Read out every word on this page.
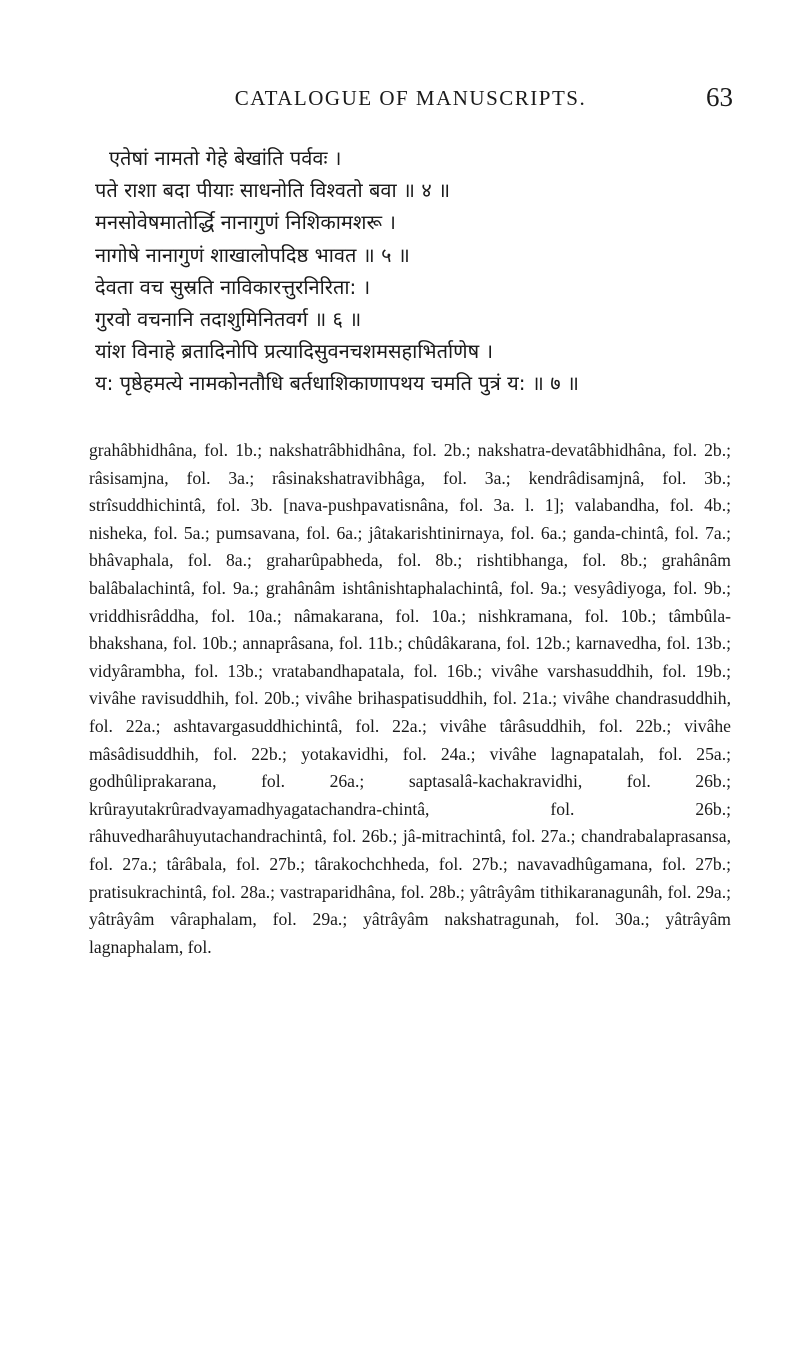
CATALOGUE OF MANUSCRIPTS.	63
एतेषां नामतो गेहे बेखांति पर्ववः ।
पते राशा बदा पीयाः साधनोति विश्वतो बवा ॥ ४ ॥
मनसोवेषमातोर्द्धि नानागुणं निशिकामशरू ।
नागोषे नानागुणं शाखालोपदिष्ठ भावत ॥ ५ ॥
देवता वच सुस्रति नाविकारत्तुरनिरिता: ।
गुरवो वचनानि तदाशुमिनितवर्ग ॥ ६ ॥
यांश विनाहे ब्रतादिनोपि प्रत्यादिसुवनचशमसहाभिर्ताणेष ।
य: पृष्ठेहमत्ये नामकोनतौधि बर्तधाशिकाणापथय चमति पुत्रं य: ॥ ७ ॥

grahâbhidhâna, fol. 1b.; nakshatrâbhidhâna, fol. 2b.; nakshatra-devatâbhidhâna, fol. 2b.; râsisamjna, fol. 3a.; râsinakshatravibhâga, fol. 3a.; kendrâdisamjnâ, fol. 3b.; strîsuddhichintâ, fol. 3b. [nava-pushpavatisnâna, fol. 3a. l. 1]; valabandha, fol. 4b.; nisheka, fol. 5a.; pumsavana, fol. 6a.; jâtakarishtinirnaya, fol. 6a.; ganda-chintâ, fol. 7a.; bhâvaphala, fol. 8a.; graharûpabheda, fol. 8b.; rishtibhanga, fol. 8b.; grahânâm balâbalachintâ, fol. 9a.; grahânâm ishtânishtaphalachintâ, fol. 9a.; vesyâdiyoga, fol. 9b.; vriddhisrâddha, fol. 10a.; nâmakarana, fol. 10a.; nishkramana, fol. 10b.; tâmbûla-bhakshana, fol. 10b.; annaprâsana, fol. 11b.; chûdâkarana, fol. 12b.; karnavedha, fol. 13b.; vidyârambha, fol. 13b.; vratabandhapatala, fol. 16b.; vivâhe varshasuddhih, fol. 19b.; vivâhe ravisuddhih, fol. 20b.; vivâhe brihaspatisuddhih, fol. 21a.; vivâhe chandrasuddhih, fol. 22a.; ashtavargasuddhichintâ, fol. 22a.; vivâhe târâsuddhih, fol. 22b.; vivâhe mâsâdisuddhih, fol. 22b.; yotakavidhi, fol. 24a.; vivâhe lagnapatalah, fol. 25a.; godhûliprakarana, fol. 26a.; saptasalâ-kachakravidhi, fol. 26b.; krûrayutakrûradvayamadhyagatachandra-chintâ, fol. 26b.; râhuvedharâhuyutachandrachintâ, fol. 26b.; jâ-mitrachintâ, fol. 27a.; chandrabalaprasansa, fol. 27a.; târâbala, fol. 27b.; târakochchheda, fol. 27b.; navavadhûgamana, fol. 27b.; pratisukrachintâ, fol. 28a.; vastraparidhâna, fol. 28b.; yâtrâyâm tithikaranagunâh, fol. 29a.; yâtrâyâm vâraphalam, fol. 29a.; yâtrâyâm nakshatragunah, fol. 30a.; yâtrâyâm lagnaphalam, fol.
